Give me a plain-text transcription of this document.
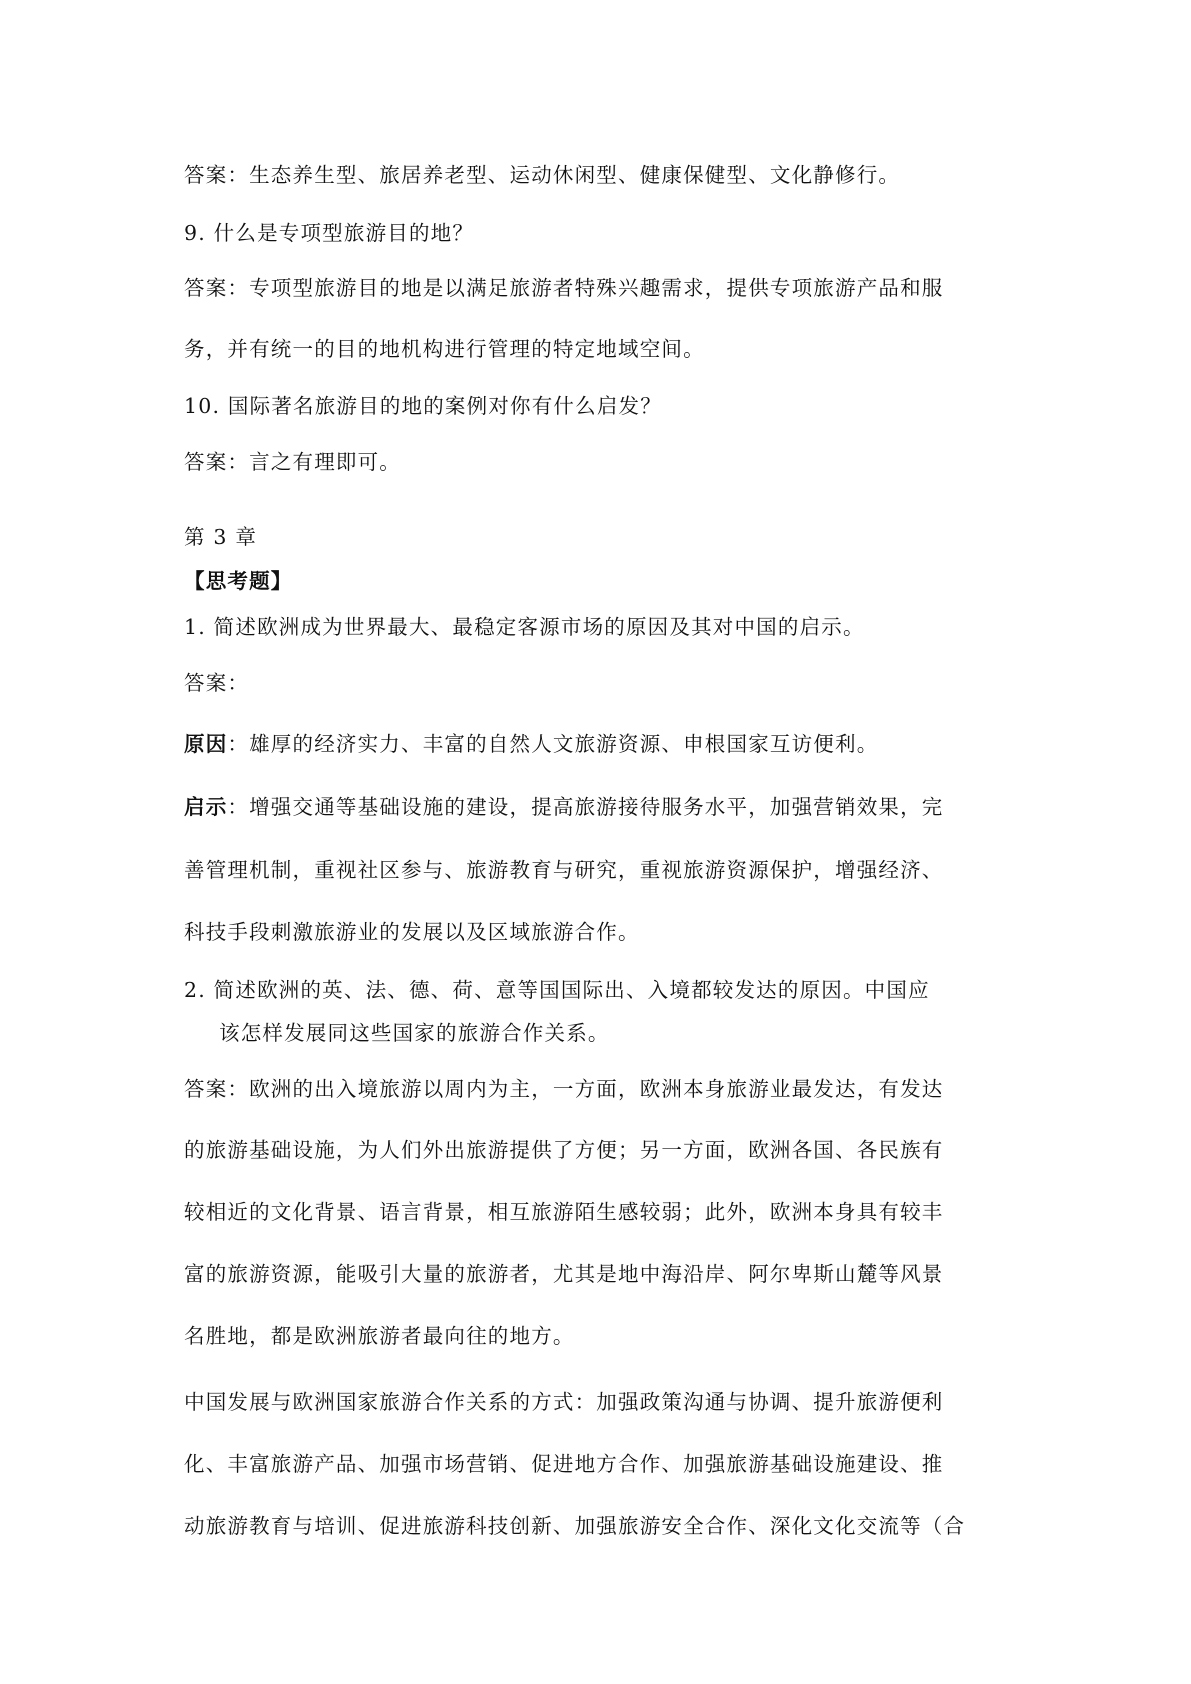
答案：生态养生型、旅居养老型、运动休闲型、健康保健型、文化静修行。
9. 什么是专项型旅游目的地？
答案：专项型旅游目的地是以满足旅游者特殊兴趣需求，提供专项旅游产品和服
务，并有统一的目的地机构进行管理的特定地域空间。
10. 国际著名旅游目的地的案例对你有什么启发？
答案：言之有理即可。
第 3 章
【思考题】
1. 简述欧洲成为世界最大、最稳定客源市场的原因及其对中国的启示。
答案：
原因：雄厚的经济实力、丰富的自然人文旅游资源、申根国家互访便利。
启示：增强交通等基础设施的建设，提高旅游接待服务水平，加强营销效果，完
善管理机制，重视社区参与、旅游教育与研究，重视旅游资源保护，增强经济、
科技手段刺激旅游业的发展以及区域旅游合作。
2. 简述欧洲的英、法、德、荷、意等国国际出、入境都较发达的原因。中国应
该怎样发展同这些国家的旅游合作关系。
答案：欧洲的出入境旅游以周内为主，一方面，欧洲本身旅游业最发达，有发达
的旅游基础设施，为人们外出旅游提供了方便；另一方面，欧洲各国、各民族有
较相近的文化背景、语言背景，相互旅游陌生感较弱；此外，欧洲本身具有较丰
富的旅游资源，能吸引大量的旅游者，尤其是地中海沿岸、阿尔卑斯山麓等风景
名胜地，都是欧洲旅游者最向往的地方。
中国发展与欧洲国家旅游合作关系的方式：加强政策沟通与协调、提升旅游便利
化、丰富旅游产品、加强市场营销、促进地方合作、加强旅游基础设施建设、推
动旅游教育与培训、促进旅游科技创新、加强旅游安全合作、深化文化交流等（合
